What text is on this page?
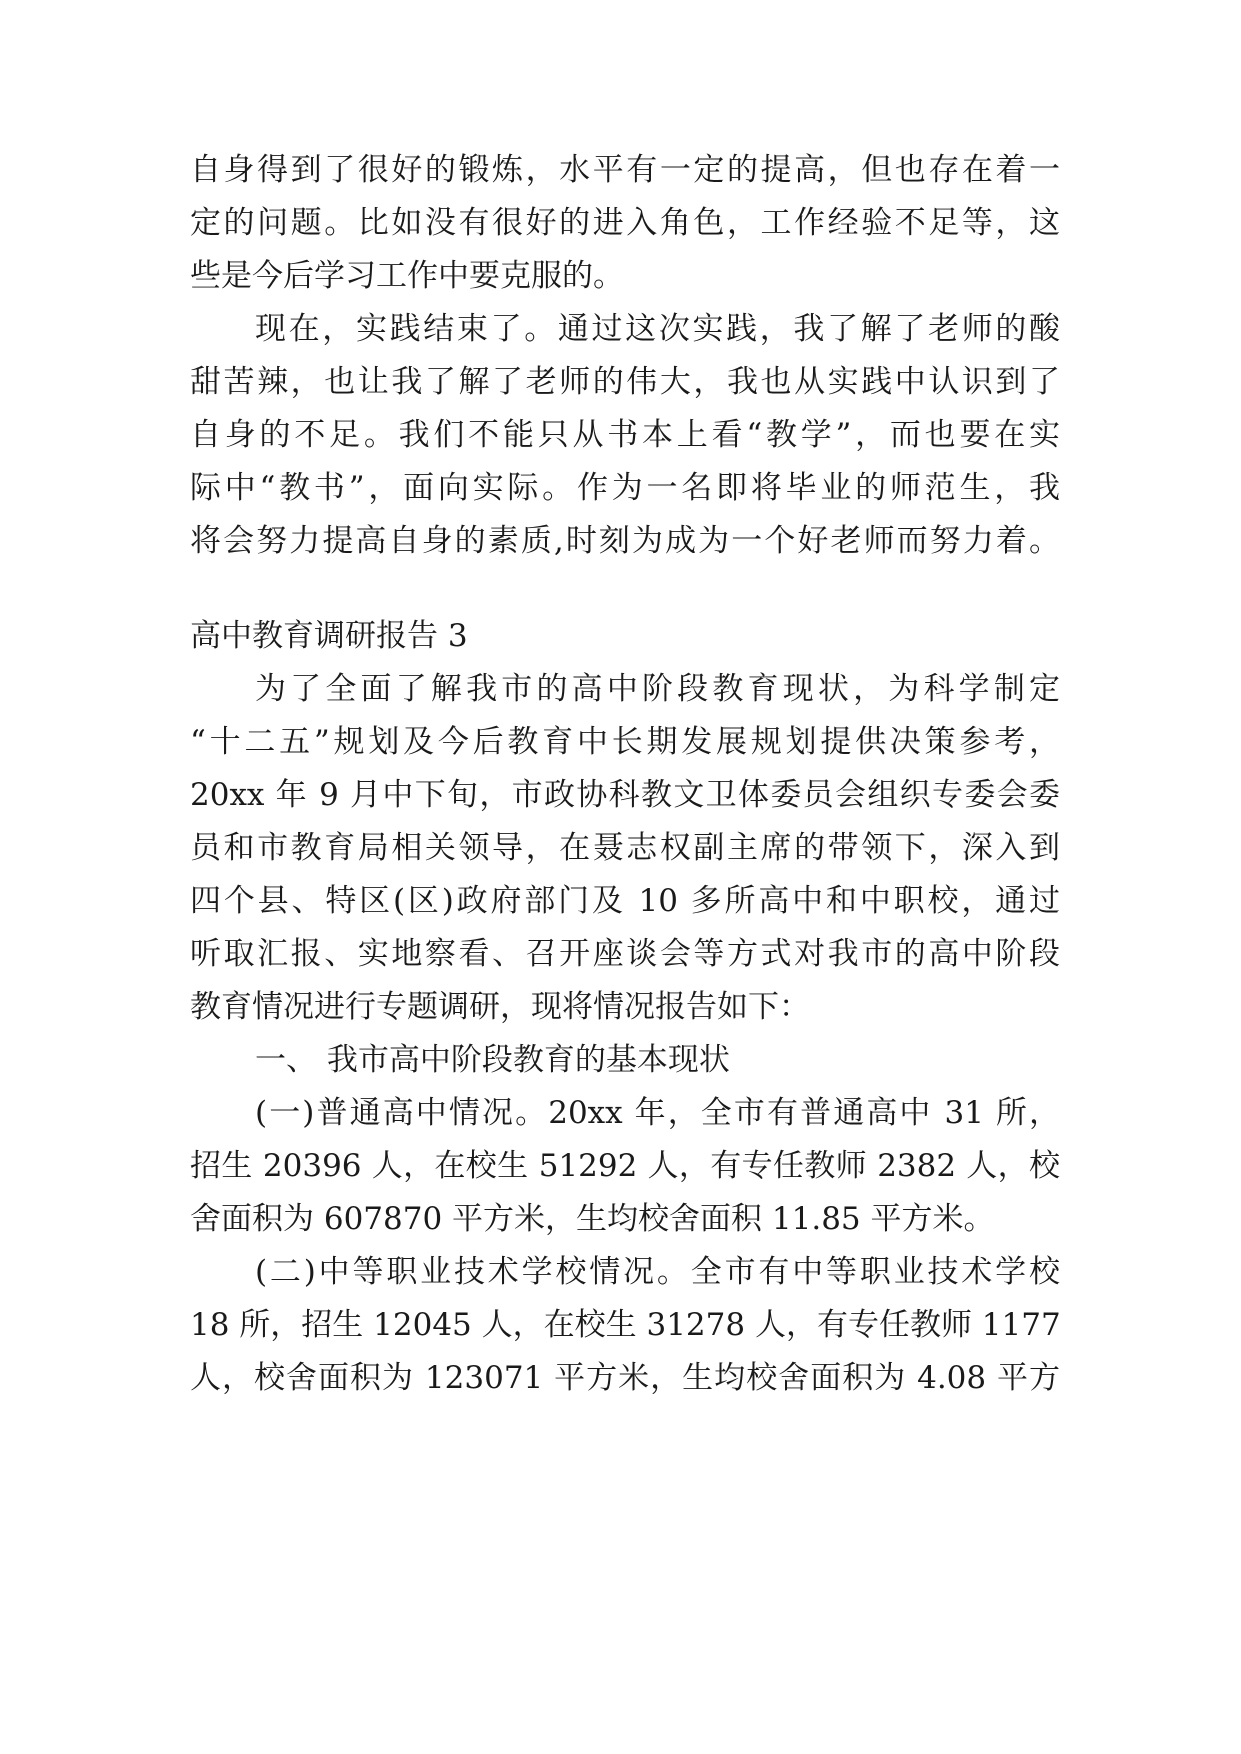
自身得到了很好的锻炼，水平有一定的提高，但也存在着一
定的问题。比如没有很好的进入角色，工作经验不足等，这
些是今后学习工作中要克服的。
现在，实践结束了。通过这次实践，我了解了老师的酸
甜苦辣，也让我了解了老师的伟大，我也从实践中认识到了
自身的不足。我们不能只从书本上看“教学”，而也要在实
际中“教书”，面向实际。作为一名即将毕业的师范生，我
将会努力提高自身的素质,时刻为成为一个好老师而努力着。
高中教育调研报告 3
为了全面了解我市的高中阶段教育现状，为科学制定
“十二五”规划及今后教育中长期发展规划提供决策参考，
20xx 年 9 月中下旬，市政协科教文卫体委员会组织专委会委
员和市教育局相关领导，在聂志权副主席的带领下，深入到
四个县、特区(区)政府部门及 10 多所高中和中职校，通过
听取汇报、实地察看、召开座谈会等方式对我市的高中阶段
教育情况进行专题调研，现将情况报告如下：
一、 我市高中阶段教育的基本现状
(一)普通高中情况。20xx 年，全市有普通高中 31 所，
招生 20396 人，在校生 51292 人，有专任教师 2382 人，校
舍面积为 607870 平方米，生均校舍面积 11.85 平方米。
(二)中等职业技术学校情况。全市有中等职业技术学校
18 所，招生 12045 人，在校生 31278 人，有专任教师 1177
人，校舍面积为 123071 平方米，生均校舍面积为 4.08 平方
